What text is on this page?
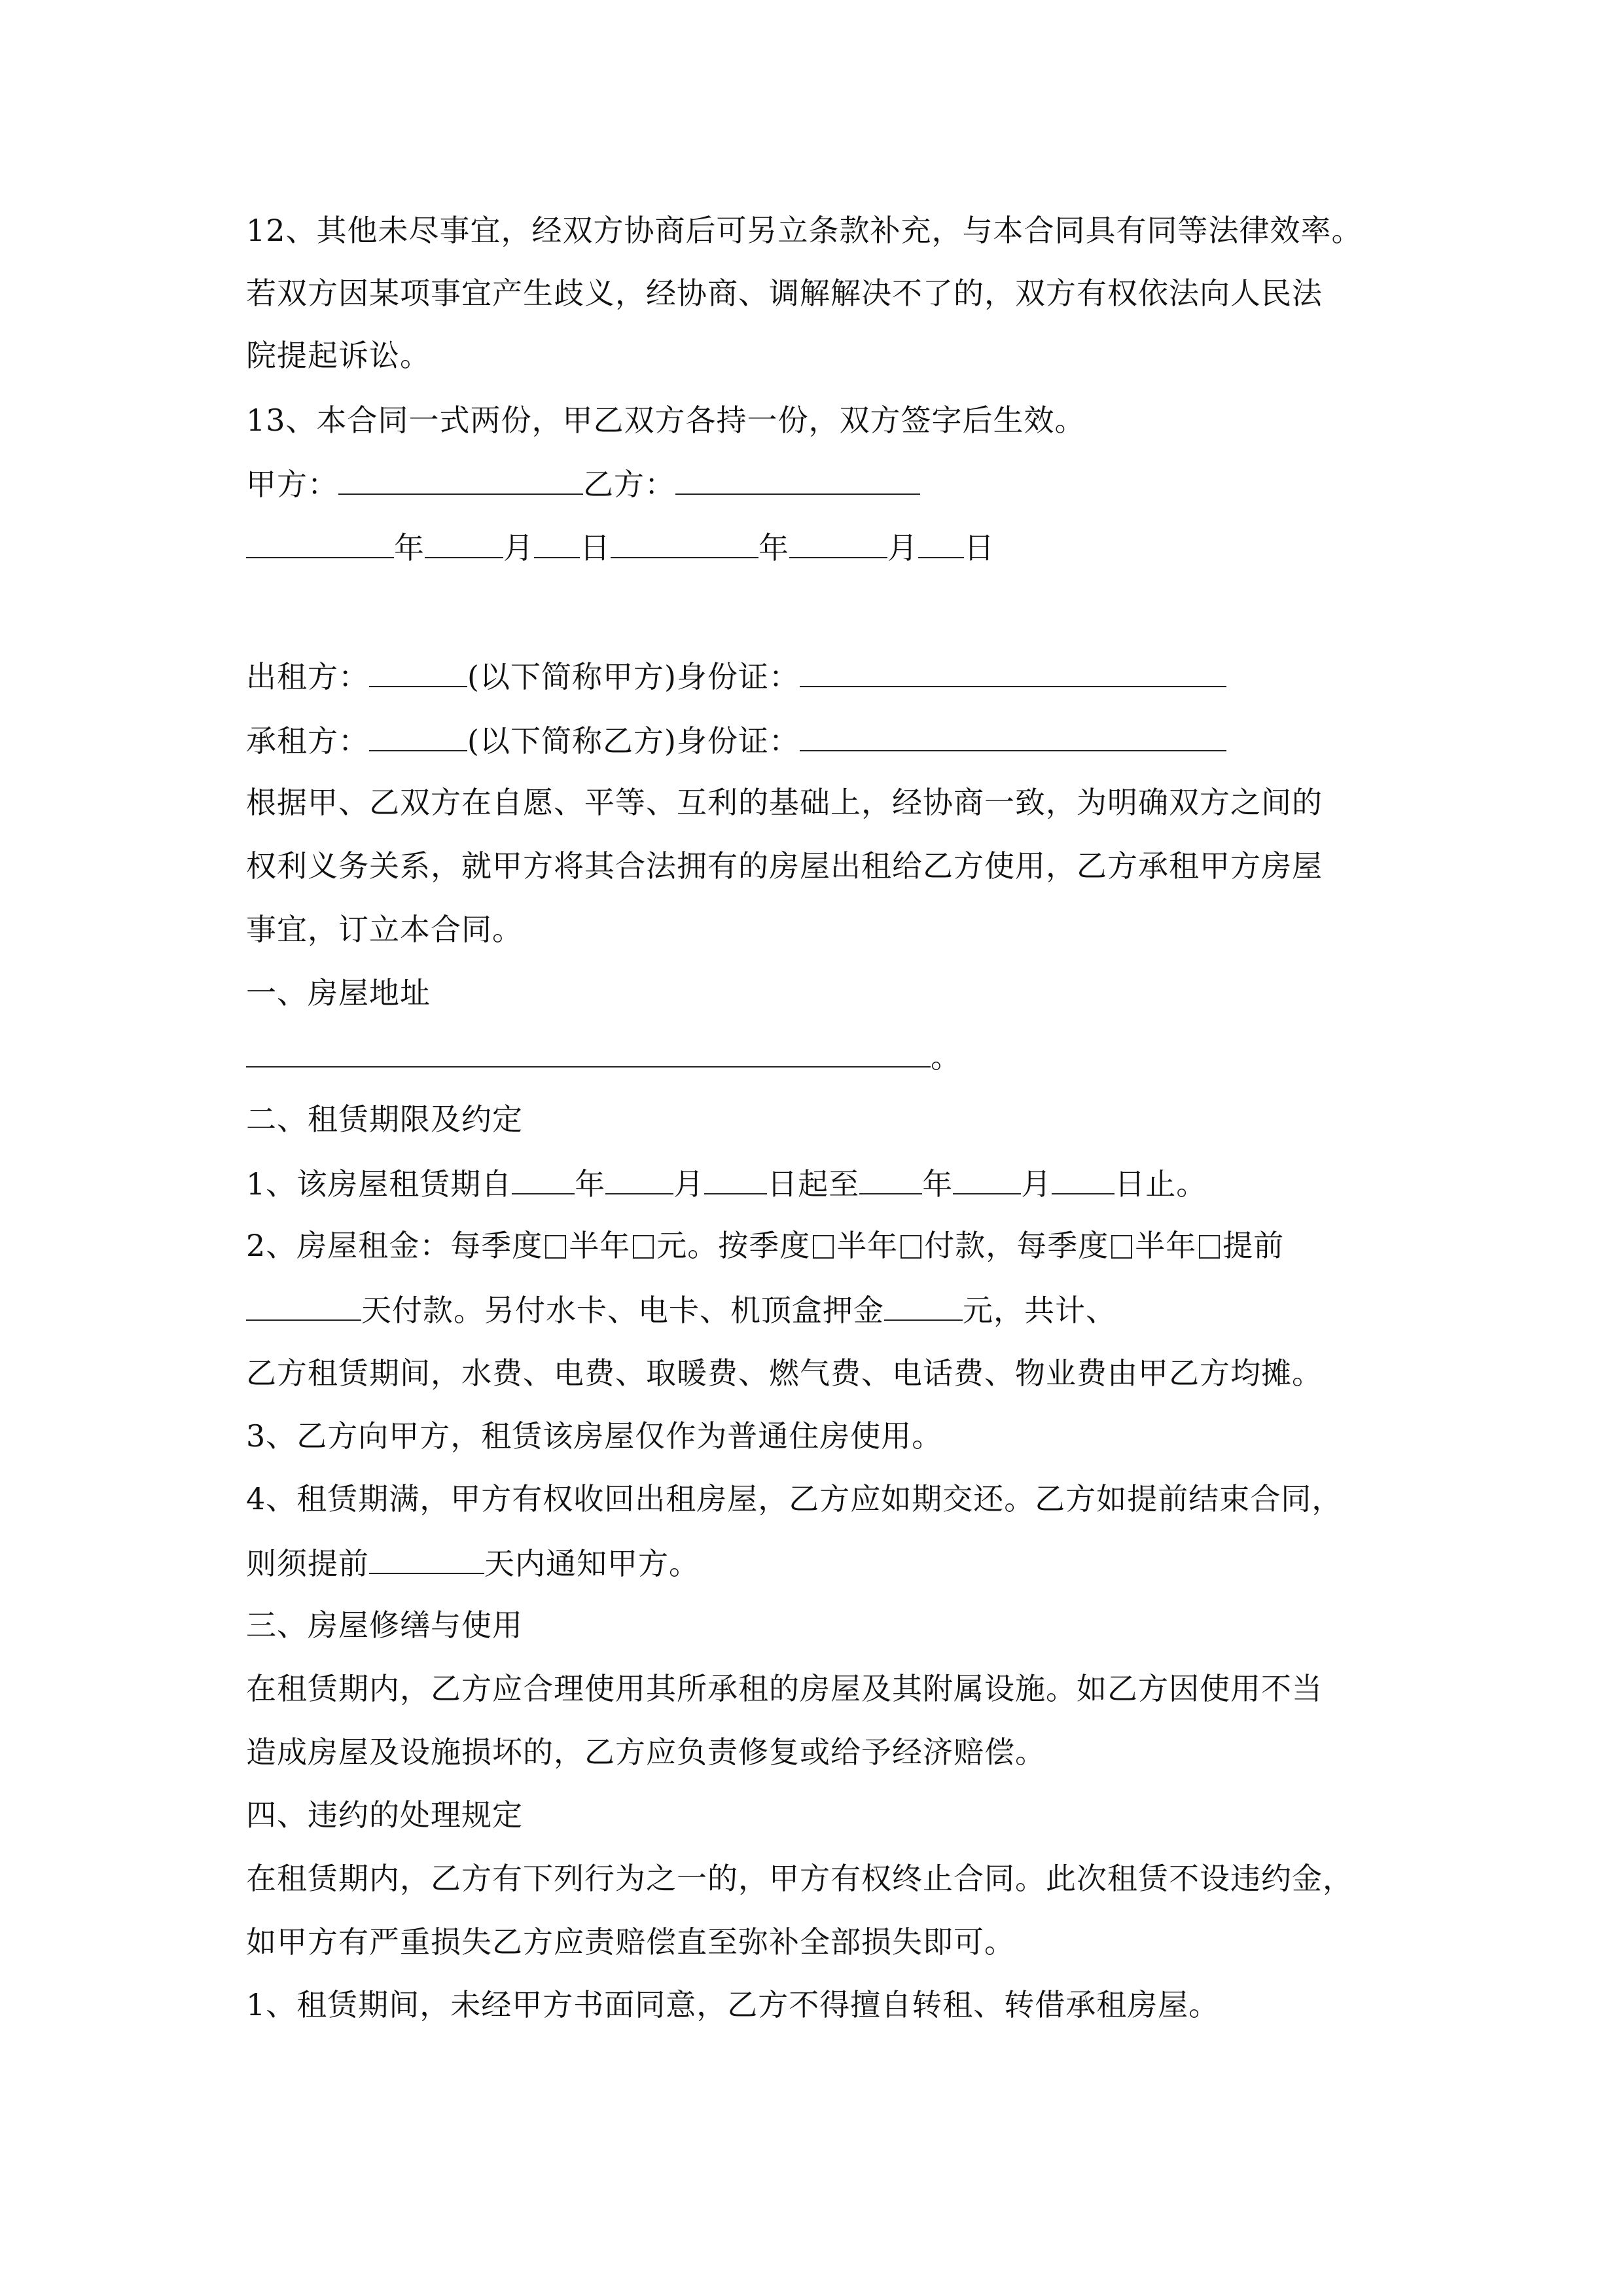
12、其他未尽事宜，经双方协商后可另立条款补充，与本合同具有同等法律效率。
若双方因某项事宜产生歧义，经协商、调解解决不了的，双方有权依法向人民法
院提起诉讼。
13、本合同一式两份，甲乙双方各持一份，双方签字后生效。
甲方：	乙方：
年	月 日	年	月 日
出租方：	(以下简称甲方)身份证：
承租方：	(以下简称乙方)身份证：
根据甲、乙双方在自愿、平等、互利的基础上，经协商一致，为明确双方之间的
权利义务关系，就甲方将其合法拥有的房屋出租给乙方使用，乙方承租甲方房屋
事宜，订立本合同。
一、房屋地址
。
二、租赁期限及约定
1、该房屋租赁期自 年 月 日起至 年 月 日止。
2、房屋租金：每季度 半年 元。按季度 半年 付款，每季度 半年 提前
天付款。另付水卡、电卡、机顶盒押金	元，共计、
乙方租赁期间，水费、电费、取暖费、燃气费、电话费、物业费由甲乙方均摊。
3、乙方向甲方，租赁该房屋仅作为普通住房使用。
4、租赁期满，甲方有权收回出租房屋，乙方应如期交还。乙方如提前结束合同，
则须提前	天内通知甲方。
三、房屋修缮与使用
在租赁期内，乙方应合理使用其所承租的房屋及其附属设施。如乙方因使用不当
造成房屋及设施损坏的，乙方应负责修复或给予经济赔偿。
四、违约的处理规定
在租赁期内，乙方有下列行为之一的，甲方有权终止合同。此次租赁不设违约金，
如甲方有严重损失乙方应责赔偿直至弥补全部损失即可。
1、租赁期间，未经甲方书面同意，乙方不得擅自转租、转借承租房屋。
